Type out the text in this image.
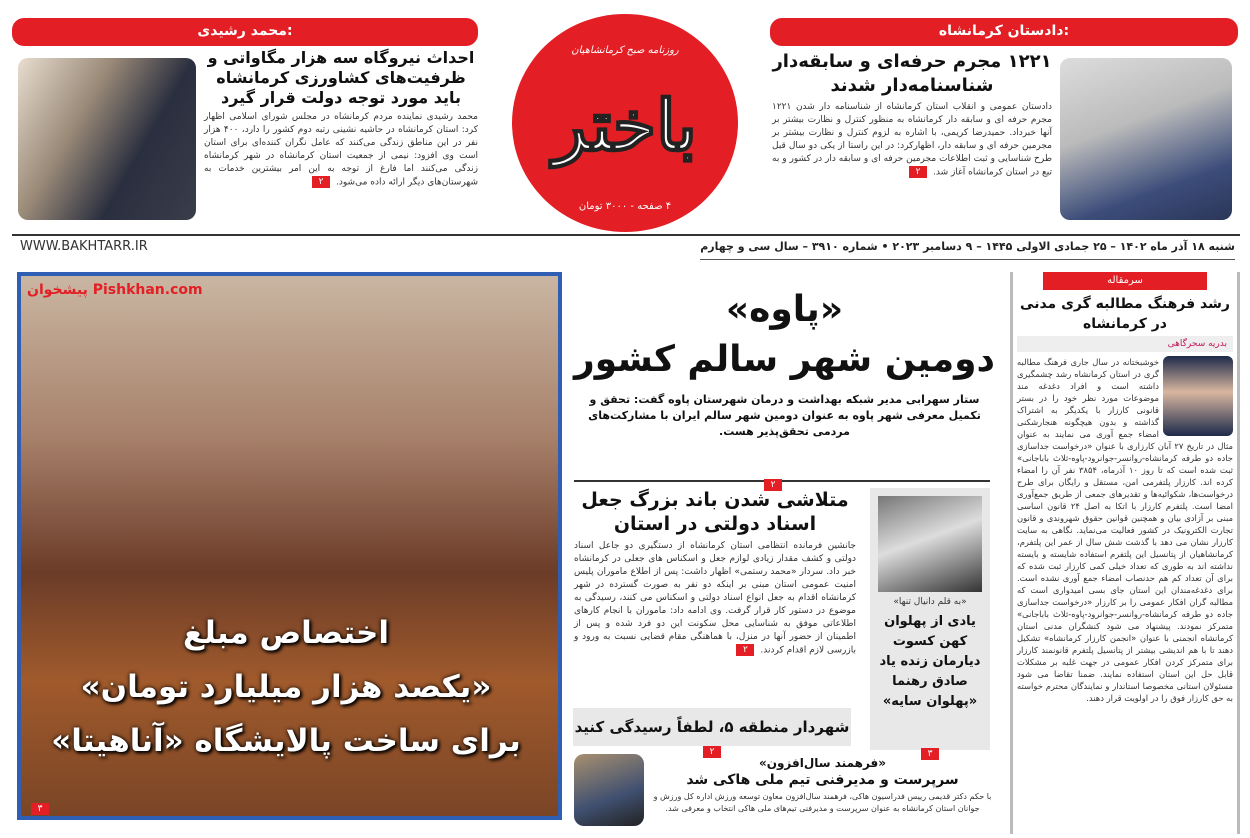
دادستان کرمانشاه:
۱۲۲۱ مجرم حرفه‌ای و سابقه‌دار شناسنامه‌دار شدند

دادستان عمومی و انقلاب استان کرمانشاه از شناسنامه دار شدن ۱۲۲۱ مجرم حرفه ای و سابقه دار کرمانشاه به منظور کنترل و نظارت بیشتر بر آنها خبرداد. حمیدرضا کریمی، با اشاره به لزوم کنترل و نظارت بیشتر بر مجرمین حرفه ای و سابقه دار، اظهارکرد: در این راستا از یکی دو سال قبل طرح شناسایی و ثبت اطلاعات مجرمین حرفه ای و سابقه دار در کشور و به تبع در استان کرمانشاه آغاز شد.۲

محمد رشیدی:
احداث نیروگاه سه هزار مگاواتی و ظرفیت‌های کشاورزی کرمانشاه باید مورد توجه دولت قرار گیرد

محمد رشیدی نماینده مردم کرمانشاه در مجلس شورای اسلامی اظهار کرد: استان کرمانشاه در حاشیه نشینی رتبه دوم کشور را دارد، ۴۰۰ هزار نفر در این مناطق زندگی می‌کنند که عامل نگران کننده‌ای برای استان است وی افزود: نیمی از جمعیت استان کرمانشاه در شهر کرمانشاه زندگی می‌کنند اما فارغ از توجه به این امر بیشترین خدمات به شهرستان‌های دیگر ارائه داده می‌شود.۲

روزنامه صبح کرمانشاهیان
باختر
۴ صفحه - ۳۰۰۰ تومان
WWW.BAKHTARR.IR	شنبه ۱۸ آذر ماه ۱۴۰۲ – ۲۵ جمادی الاولی ۱۴۴۵ – ۹ دسامبر ۲۰۲۳ • شماره ۳۹۱۰ – سال سی و چهارم
پیشخوان Pishkhan.com
اختصاص مبلغ
«یکصد هزار میلیارد تومان»
برای ساخت پالایشگاه «آناهیتا»
۳
«پاوه»
دومین شهر سالم کشور

ستار سهرابی مدیر شبکه بهداشت و درمان شهرستان پاوه گفت: تحقق و تکمیل معرفی شهر پاوه به عنوان دومین شهر سالم ایران با مشارکت‌های مردمی تحقق‌پذیر هست.

۲
متلاشی شدن باند بزرگ جعل اسناد دولتی در استان

جانشین فرمانده انتظامی استان کرمانشاه از دستگیری دو جاعل اسناد دولتی و کشف مقدار زیادی لوازم جعل و اسکناس های جعلی در کرمانشاه خبر داد. سردار «محمد رستمی» اظهار داشت: پس از اطلاع ماموران پلیس امنیت عمومی استان مبنی بر اینکه دو نفر به صورت گسترده در شهر کرمانشاه اقدام به جعل انواع اسناد دولتی و اسکناس می کنند، رسیدگی به موضوع در دستور کار قرار گرفت. وی ادامه داد: ماموران با انجام کارهای اطلاعاتی موفق به شناسایی محل سکونت این دو فرد شده و پس از اطمینان از حضور آنها در منزل، با هماهنگی مقام قضایی نسبت به ورود و بازرسی لازم اقدام کردند.۲

«به قلم دانیال تنها»
یادی از پهلوان کهن کسوت دیارمان زنده یاد صادق رهنما «پهلوان سایه»
۳
شهردار منطقه ۵، لطفاً رسیدگی کنید
۲
«فرهمند سال‌افزون»
سرپرست و مدیرفنی تیم ملی هاکی شد

با حکم دکتر قدیمی رییس فدراسیون هاکی، فرهمند سال‌افزون معاون توسعه ورزش اداره کل ورزش و جوانان استان کرمانشاه به عنوان سرپرست و مدیرفنی تیم‌های ملی هاکی انتخاب و معرفی شد.

سرمقاله
رشد فرهنگ مطالبه گری مدنی در کرمانشاه
بدریه سحرگاهی

خوشبختانه در سال جاری فرهنگ مطالبه گری در استان کرمانشاه رشد چشمگیری داشته است و افراد دغدغه مند موضوعات مورد نظر خود را در بستر قانونی کارزار با یکدیگر به اشتراک گذاشته و بدون هیچگونه هنجارشکنی امضاء جمع آوری می نمایند به عنوان مثال در تاریخ ۲۷ آبان کارزاری با عنوان «درخواست جداسازی جاده دو طرفه کرمانشاه-روانسر-جوانرود-پاوه-ثلاث باباجانی» ثبت شده است که تا روز ۱۰ آذرماه، ۳۸۵۴ نفر آن را امضاء کرده اند. کارزار پلتفرمی امن، مستقل و رایگان برای طرح درخواست‌ها، شکوائیه‌ها و تقدیرهای جمعی از طریق جمع‌آوری امضا است. پلتفرم کارزار با اتکا به اصل ۲۴ قانون اساسی مبنی بر آزادی بیان و همچنین قوانین حقوق شهروندی و قانون تجارت الکترونیک در کشور فعالیت می‌نماید. نگاهی به سایت کارزار نشان می دهد با گذشت شش سال از عمر این پلتفرم، کرمانشاهیان از پتانسیل این پلتفرم استفاده شایسته و بایسته نداشته اند به طوری که تعداد خیلی کمی کارزار ثبت شده که برای آن تعداد کم هم حدنصاب امضاء جمع آوری نشده است. برای دغدغه‌مندان این استان جای بسی امیدواری است که مطالبه گران افکار عمومی را بر کارزار «درخواست جداسازی جاده دو طرفه کرمانشاه-روانسر-جوانرود-پاوه-ثلاث باباجانی» متمرکز نمودند. پیشنهاد می شود کنشگران مدنی استان کرمانشاه انجمنی با عنوان «انجمن کارزار کرمانشاه» تشکیل دهند تا با هم اندیشی بیشتر از پتانسیل پلتفرم قانونمند کارزار برای متمرکز کردن افکار عمومی در جهت غلبه بر مشکلات قابل حل این استان استفاده نمایند. ضمنا تقاضا می شود مسئولان استانی مخصوصا استاندار و نمایندگان محترم خواسته به حق کارزار فوق را در اولویت قرار دهند.
